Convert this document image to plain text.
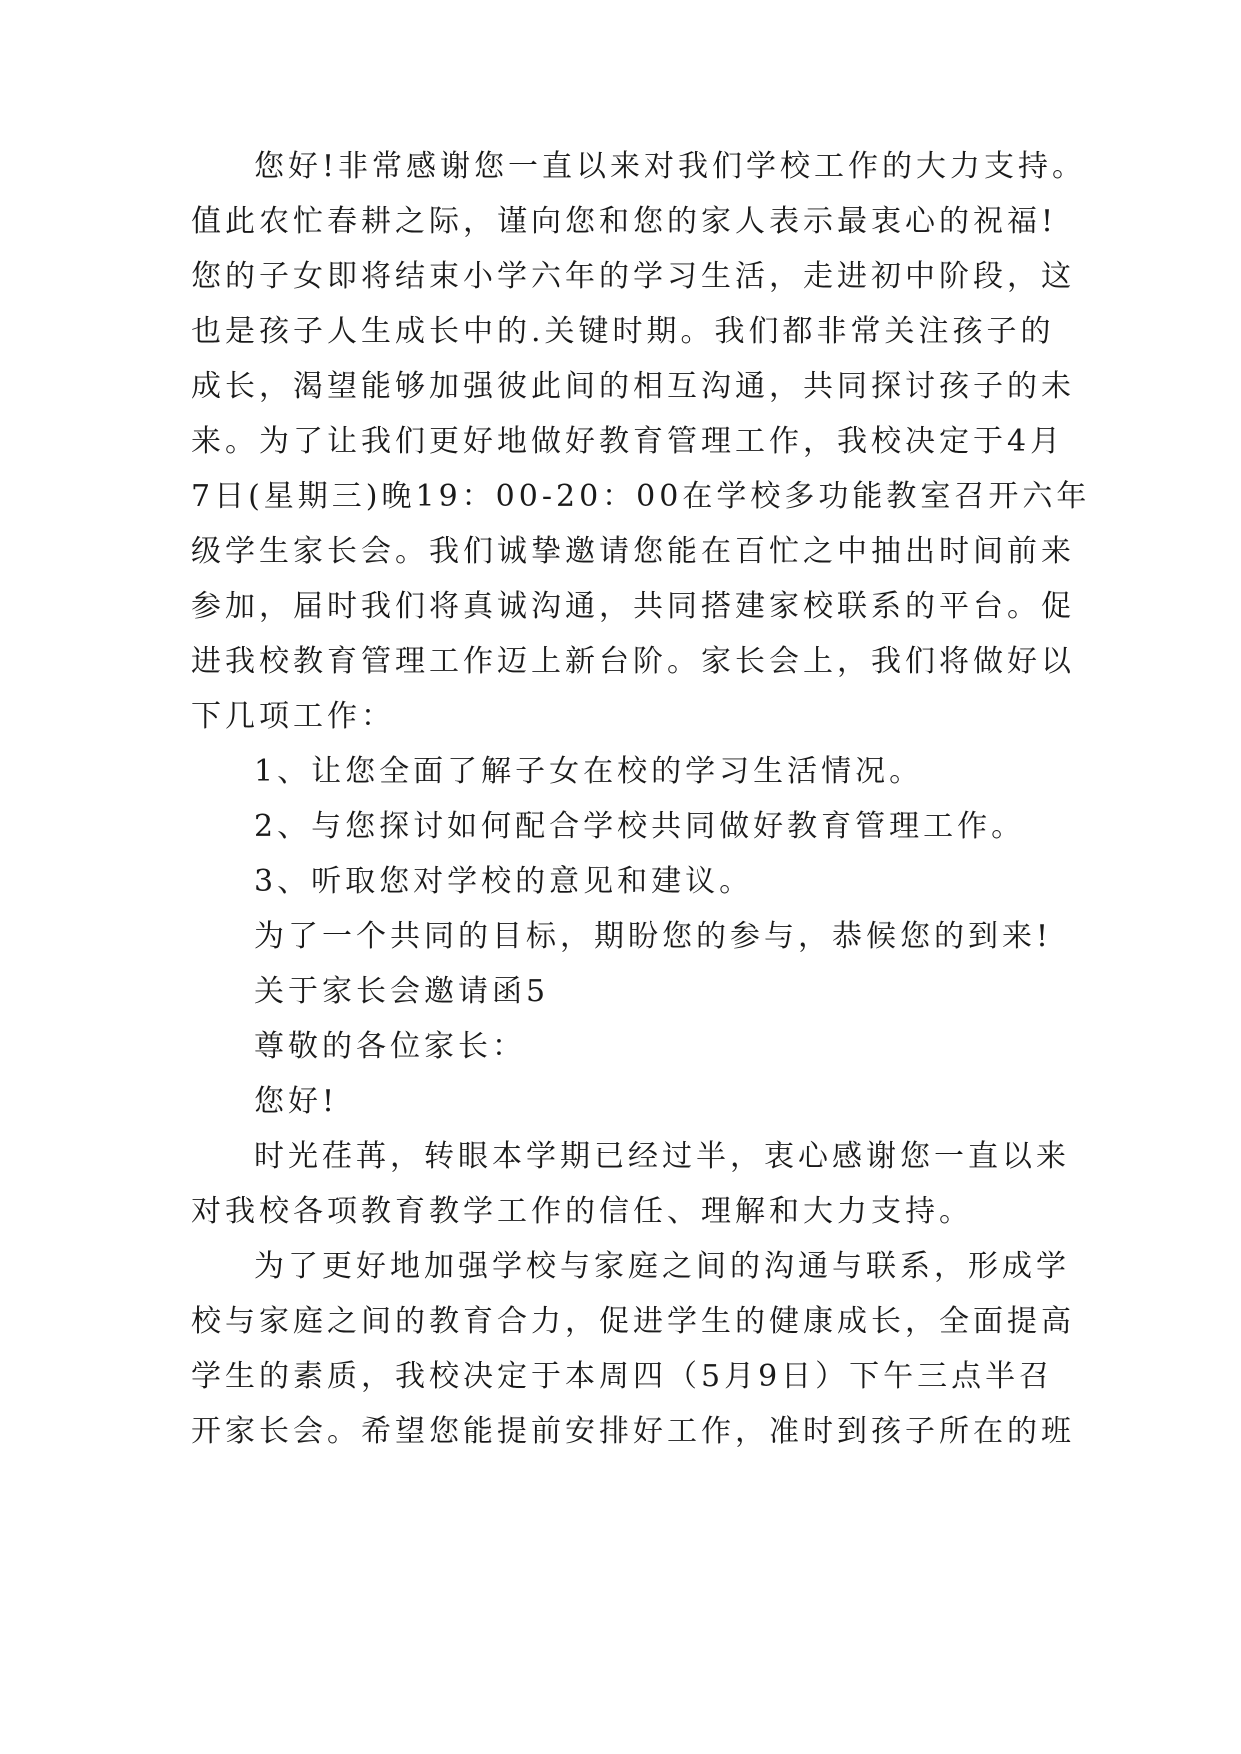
您好!非常感谢您一直以来对我们学校工作的大力支持。
值此农忙春耕之际，谨向您和您的家人表示最衷心的祝福!
您的子女即将结束小学六年的学习生活，走进初中阶段，这
也是孩子人生成长中的.关键时期。我们都非常关注孩子的
成长，渴望能够加强彼此间的相互沟通，共同探讨孩子的未
来。为了让我们更好地做好教育管理工作，我校决定于4月
7日(星期三)晚19：00-20：00在学校多功能教室召开六年
级学生家长会。我们诚挚邀请您能在百忙之中抽出时间前来
参加，届时我们将真诚沟通，共同搭建家校联系的平台。促
进我校教育管理工作迈上新台阶。家长会上，我们将做好以
下几项工作：
1、让您全面了解子女在校的学习生活情况。
2、与您探讨如何配合学校共同做好教育管理工作。
3、听取您对学校的意见和建议。
为了一个共同的目标，期盼您的参与，恭候您的到来!
关于家长会邀请函5
尊敬的各位家长：
您好!
时光荏苒，转眼本学期已经过半，衷心感谢您一直以来
对我校各项教育教学工作的信任、理解和大力支持。
为了更好地加强学校与家庭之间的沟通与联系，形成学
校与家庭之间的教育合力，促进学生的健康成长，全面提高
学生的素质，我校决定于本周四（5月9日）下午三点半召
开家长会。希望您能提前安排好工作，准时到孩子所在的班
